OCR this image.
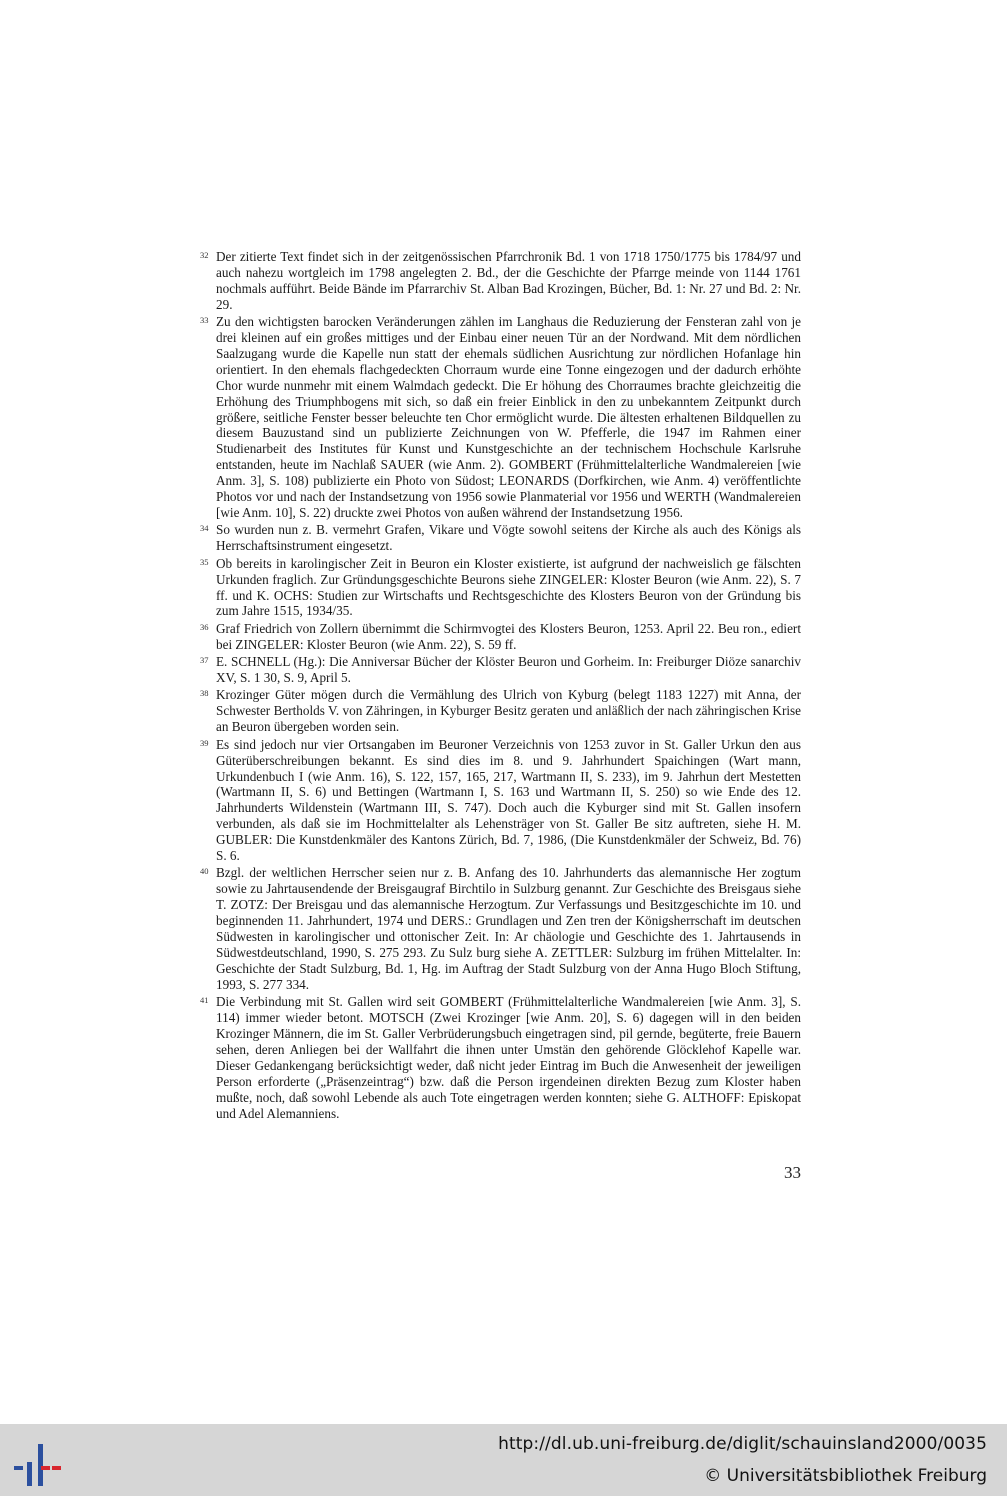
32 Der zitierte Text findet sich in der zeitgenössischen Pfarrchronik Bd. 1 von 1718 1750/1775 bis 1784/97 und auch nahezu wortgleich im 1798 angelegten 2. Bd., der die Geschichte der Pfarrge meinde von 1144 1761 nochmals aufführt. Beide Bände im Pfarrarchiv St. Alban Bad Krozingen, Bücher, Bd. 1: Nr. 27 und Bd. 2: Nr. 29.
33 Zu den wichtigsten barocken Veränderungen zählen im Langhaus die Reduzierung der Fensteran zahl von je drei kleinen auf ein großes mittiges und der Einbau einer neuen Tür an der Nordwand. Mit dem nördlichen Saalzugang wurde die Kapelle nun statt der ehemals südlichen Ausrichtung zur nördlichen Hofanlage hin orientiert. In den ehemals flachgedeckten Chorraum wurde eine Tonne eingezogen und der dadurch erhöhte Chor wurde nunmehr mit einem Walmdach gedeckt. Die Er höhung des Chorraumes brachte gleichzeitig die Erhöhung des Triumphbogens mit sich, so daß ein freier Einblick in den zu unbekanntem Zeitpunkt durch größere, seitliche Fenster besser beleuchte ten Chor ermöglicht wurde. Die ältesten erhaltenen Bildquellen zu diesem Bauzustand sind un publizierte Zeichnungen von W. Pfefferle, die 1947 im Rahmen einer Studienarbeit des Institutes für Kunst und Kunstgeschichte an der technischem Hochschule Karlsruhe entstanden, heute im Nachlaß SAUER (wie Anm. 2). GOMBERT (Frühmittelalterliche Wandmalereien [wie Anm. 3], S. 108) publizierte ein Photo von Südost; LEONARDS (Dorfkirchen, wie Anm. 4) veröffentlichte Photos vor und nach der Instandsetzung von 1956 sowie Planmaterial vor 1956 und WERTH (Wandmalereien [wie Anm. 10], S. 22) druckte zwei Photos von außen während der Instandsetzung 1956.
34 So wurden nun z. B. vermehrt Grafen, Vikare und Vögte sowohl seitens der Kirche als auch des Königs als Herrschaftsinstrument eingesetzt.
35 Ob bereits in karolingischer Zeit in Beuron ein Kloster existierte, ist aufgrund der nachweislich ge fälschten Urkunden fraglich. Zur Gründungsgeschichte Beurons siehe ZINGELER: Kloster Beuron (wie Anm. 22), S. 7 ff. und K. OCHS: Studien zur Wirtschafts und Rechtsgeschichte des Klosters Beuron von der Gründung bis zum Jahre 1515, 1934/35.
36 Graf Friedrich von Zollern übernimmt die Schirmvogtei des Klosters Beuron, 1253. April 22. Beu ron., ediert bei ZINGELER: Kloster Beuron (wie Anm. 22), S. 59 ff.
37 E. SCHNELL (Hg.): Die Anniversar Bücher der Klöster Beuron und Gorheim. In: Freiburger Diöze sanarchiv XV, S. 1 30, S. 9, April 5.
38 Krozinger Güter mögen durch die Vermählung des Ulrich von Kyburg (belegt 1183 1227) mit Anna, der Schwester Bertholds V. von Zähringen, in Kyburger Besitz geraten und anläßlich der nach zähringischen Krise an Beuron übergeben worden sein.
39 Es sind jedoch nur vier Ortsangaben im Beuroner Verzeichnis von 1253 zuvor in St. Galler Urkun den aus Güterüberschreibungen bekannt. Es sind dies im 8. und 9. Jahrhundert Spaichingen (Wart mann, Urkundenbuch I (wie Anm. 16), S. 122, 157, 165, 217, Wartmann II, S. 233), im 9. Jahrhun dert Mestetten (Wartmann II, S. 6) und Bettingen (Wartmann I, S. 163 und Wartmann II, S. 250) so wie Ende des 12. Jahrhunderts Wildenstein (Wartmann III, S. 747). Doch auch die Kyburger sind mit St. Gallen insofern verbunden, als daß sie im Hochmittelalter als Lehensträger von St. Galler Be sitz auftreten, siehe H. M. GUBLER: Die Kunstdenkmäler des Kantons Zürich, Bd. 7, 1986, (Die Kunstdenkmäler der Schweiz, Bd. 76) S. 6.
40 Bzgl. der weltlichen Herrscher seien nur z. B. Anfang des 10. Jahrhunderts das alemannische Her zogtum sowie zu Jahrtausendende der Breisgaugraf Birchtilo in Sulzburg genannt. Zur Geschichte des Breisgaus siehe T. ZOTZ: Der Breisgau und das alemannische Herzogtum. Zur Verfassungs und Besitzgeschichte im 10. und beginnenden 11. Jahrhundert, 1974 und DERS.: Grundlagen und Zen tren der Königsherrschaft im deutschen Südwesten in karolingischer und ottonischer Zeit. In: Ar chäologie und Geschichte des 1. Jahrtausends in Südwestdeutschland, 1990, S. 275 293. Zu Sulz burg siehe A. ZETTLER: Sulzburg im frühen Mittelalter. In: Geschichte der Stadt Sulzburg, Bd. 1, Hg. im Auftrag der Stadt Sulzburg von der Anna Hugo Bloch Stiftung, 1993, S. 277 334.
41 Die Verbindung mit St. Gallen wird seit GOMBERT (Frühmittelalterliche Wandmalereien [wie Anm. 3], S. 114) immer wieder betont. MOTSCH (Zwei Krozinger [wie Anm. 20], S. 6) dagegen will in den beiden Krozinger Männern, die im St. Galler Verbrüderungsbuch eingetragen sind, pil gernde, begüterte, freie Bauern sehen, deren Anliegen bei der Wallfahrt die ihnen unter Umstän den gehörende Glöcklehof Kapelle war. Dieser Gedankengang berücksichtigt weder, daß nicht jeder Eintrag im Buch die Anwesenheit der jeweiligen Person erforderte („Präsenzeintrag“) bzw. daß die Person irgendeinen direkten Bezug zum Kloster haben mußte, noch, daß sowohl Lebende als auch Tote eingetragen werden konnten; siehe G. ALTHOFF: Episkopat und Adel Alemanniens.
33
http://dl.ub.uni-freiburg.de/diglit/schauinsland2000/0035
© Universitätsbibliothek Freiburg
